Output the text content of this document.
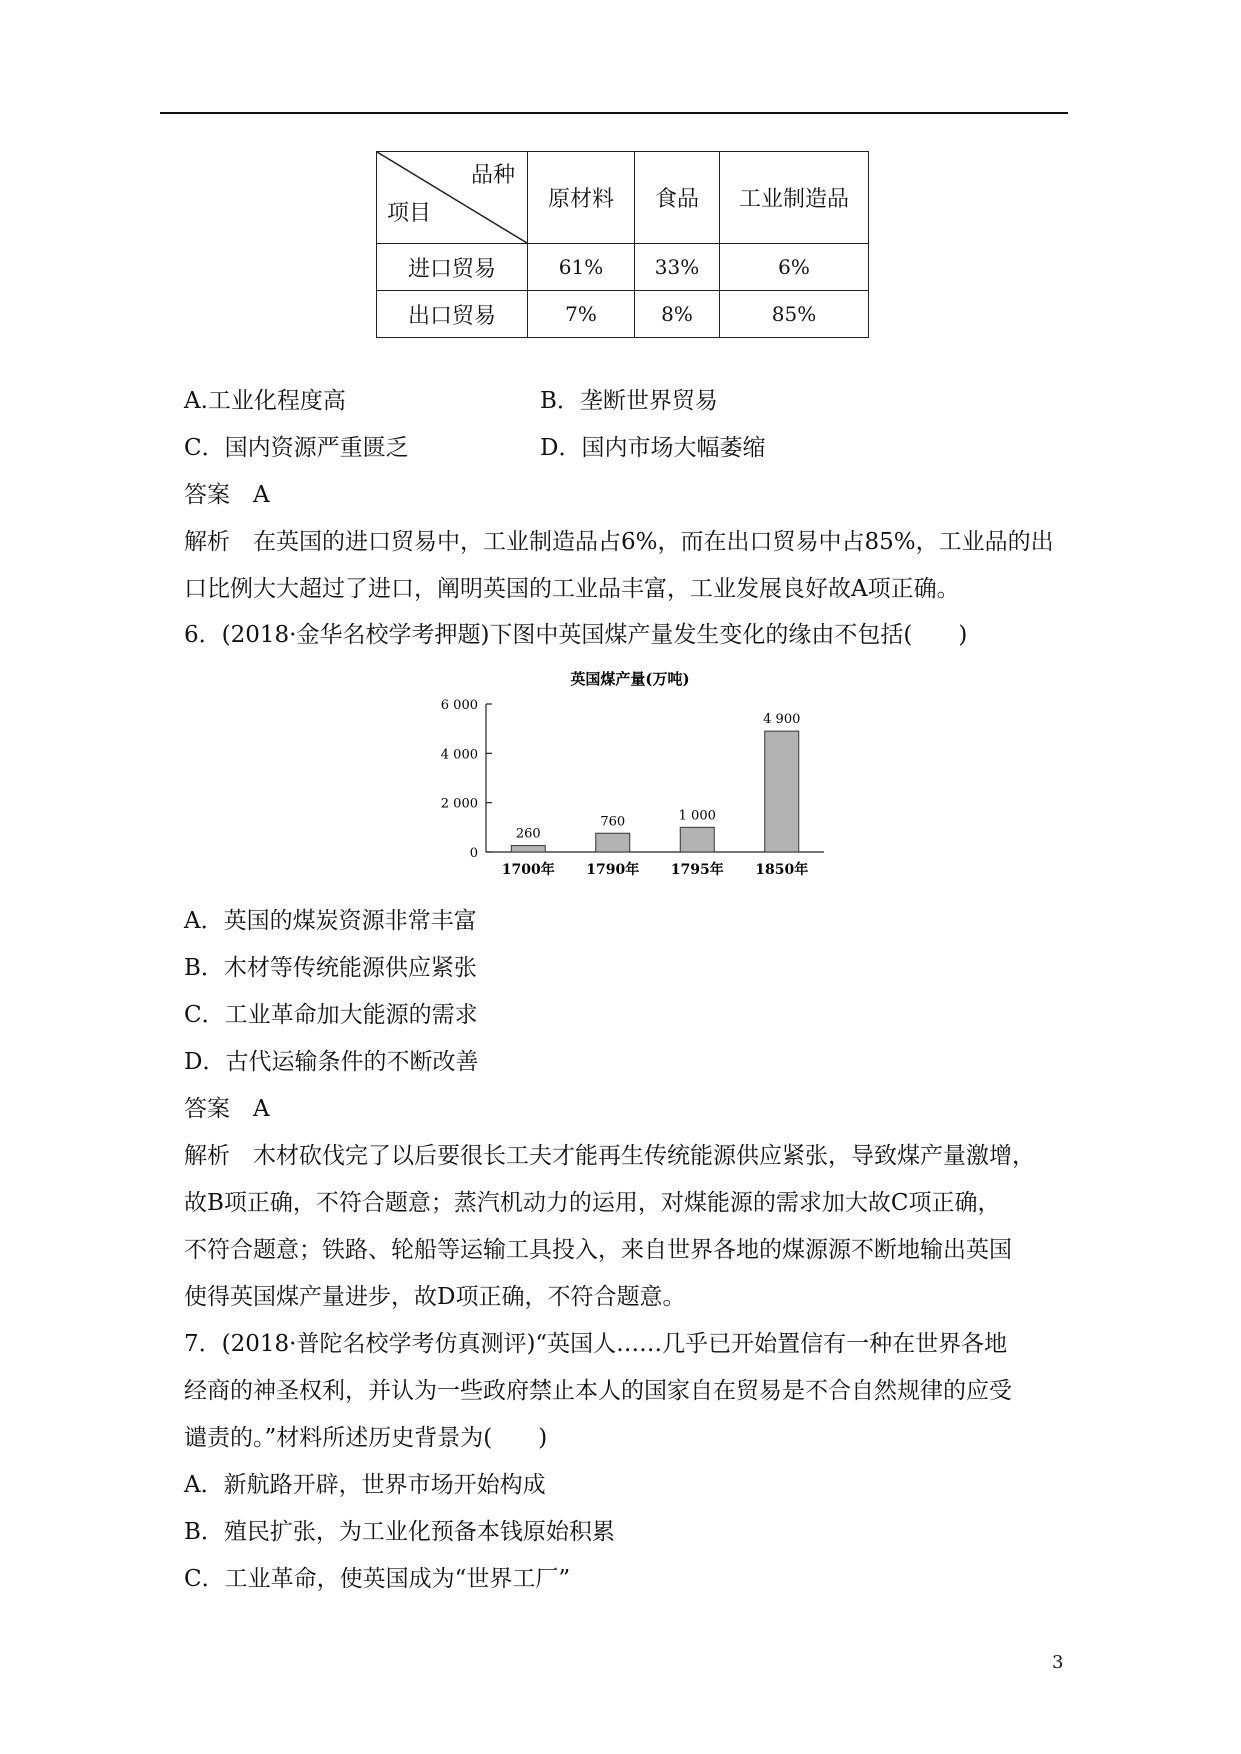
品种
项目	原材料	食品	工业制造品
进口贸易	61%	33%	6%
出口贸易	7%	8%	85%
A.工业化程度高	B．垄断世界贸易
C．国内资源严重匮乏	D．国内市场大幅萎缩
答案　A
解析　在英国的进口贸易中，工业制造品占6%，而在出口贸易中占85%，工业品的出
口比例大大超过了进口，阐明英国的工业品丰富，工业发展良好故A项正确。
6．(2018·金华名校学考押题)下图中英国煤产量发生变化的缘由不包括(　　)
英国煤产量(万吨)
0
2 000
4 000
6 000
260
1700年
760
1790年
1 000
1795年
4 900
1850年
A．英国的煤炭资源非常丰富
B．木材等传统能源供应紧张
C．工业革命加大能源的需求
D．古代运输条件的不断改善
答案　A
解析　木材砍伐完了以后要很长工夫才能再生传统能源供应紧张，导致煤产量激增，
故B项正确，不符合题意；蒸汽机动力的运用，对煤能源的需求加大故C项正确，
不符合题意；铁路、轮船等运输工具投入，来自世界各地的煤源源不断地输出英国
使得英国煤产量进步，故D项正确，不符合题意。
7．(2018·普陀名校学考仿真测评)“英国人……几乎已开始置信有一种在世界各地
经商的神圣权利，并认为一些政府禁止本人的国家自在贸易是不合自然规律的应受
谴责的。”材料所述历史背景为(　　)
A．新航路开辟，世界市场开始构成
B．殖民扩张，为工业化预备本钱原始积累
C．工业革命，使英国成为“世界工厂”
3
